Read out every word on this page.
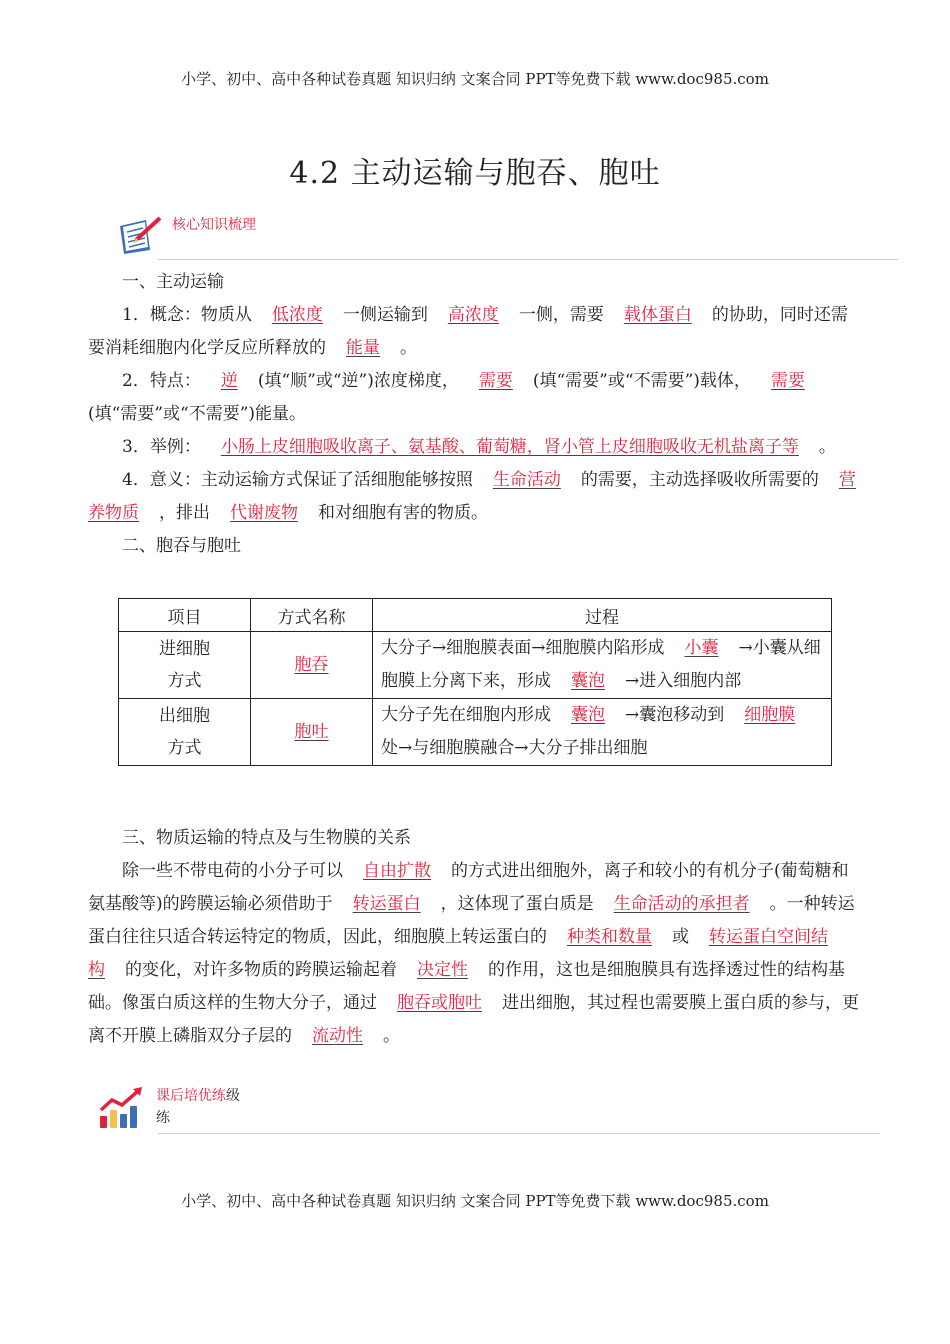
小学、初中、高中各种试卷真题 知识归纳 文案合同 PPT等免费下载 www.doc985.com
4.2 主动运输与胞吞、胞吐
核心知识梳理

一、主动运输

1．概念：物质从 低浓度 一侧运输到 高浓度 一侧，需要 载体蛋白 的协助，同时还需要消耗细胞内化学反应所释放的 能量 。

2．特点： 逆 (填“顺”或“逆”)浓度梯度， 需要 (填“需要”或“不需要”)载体， 需要(填“需要”或“不需要”)能量。

3．举例： 小肠上皮细胞吸收离子、氨基酸、葡萄糖，肾小管上皮细胞吸收无机盐离子等 。

4．意义：主动运输方式保证了活细胞能够按照 生命活动 的需要，主动选择吸收所需要的 营养物质 ，排出 代谢废物 和对细胞有害的物质。

二、胞吞与胞吐

项目	方式名称	过程
进细胞
方式	胞吞	大分子→细胞膜表面→细胞膜内陷形成 小囊 →小囊从细胞膜上分离下来，形成 囊泡 →进入细胞内部
出细胞
方式	胞吐	大分子先在细胞内形成 囊泡 →囊泡移动到 细胞膜处→与细胞膜融合→大分子排出细胞

三、物质运输的特点及与生物膜的关系

除一些不带电荷的小分子可以 自由扩散 的方式进出细胞外，离子和较小的有机分子(葡萄糖和氨基酸等)的跨膜运输必须借助于 转运蛋白 ，这体现了蛋白质是 生命活动的承担者 。一种转运蛋白往往只适合转运特定的物质，因此，细胞膜上转运蛋白的 种类和数量 或 转运蛋白空间结构 的变化，对许多物质的跨膜运输起着 决定性 的作用，这也是细胞膜具有选择透过性的结构基础。像蛋白质这样的生物大分子，通过 胞吞或胞吐 进出细胞，其过程也需要膜上蛋白质的参与，更离不开膜上磷脂双分子层的 流动性 。

课后培优练级
练
小学、初中、高中各种试卷真题 知识归纳 文案合同 PPT等免费下载 www.doc985.com
